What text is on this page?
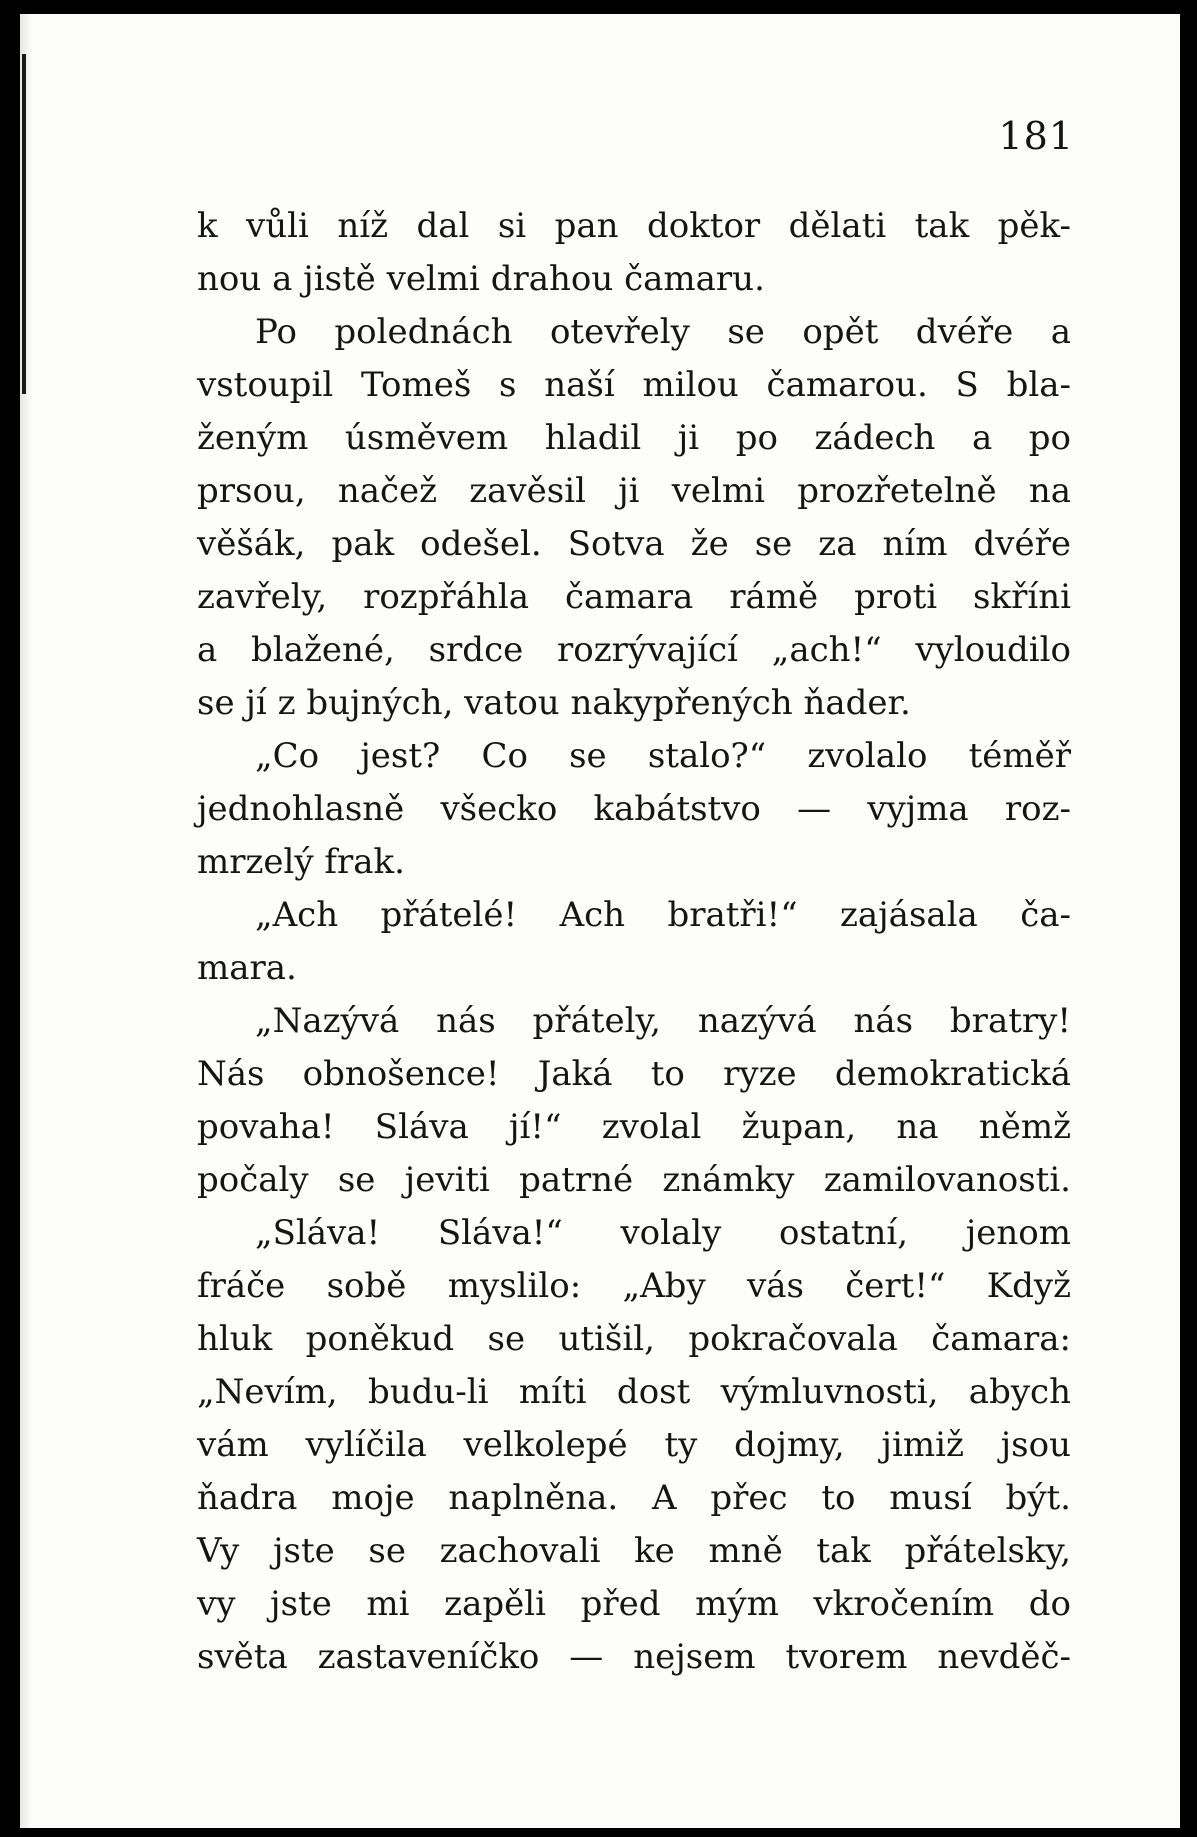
181
k vůli níž dal si pan doktor dělati tak pěk-
nou a jistě velmi drahou čamaru.
Po polednách otevřely se opět dvéře a
vstoupil Tomeš s naší milou čamarou. S bla-
ženým úsměvem hladil ji po zádech a po
prsou, načež zavěsil ji velmi prozřetelně na
věšák, pak odešel. Sotva že se za ním dvéře
zavřely, rozpřáhla čamara rámě proti skříni
a blažené, srdce rozrývající „ach!“ vyloudilo
se jí z bujných, vatou nakypřených ňader.
„Co jest? Co se stalo?“ zvolalo téměř
jednohlasně všecko kabátstvo — vyjma roz-
mrzelý frak.
„Ach přátelé! Ach bratři!“ zajásala ča-
mara.
„Nazývá nás přátely, nazývá nás bratry!
Nás obnošence! Jaká to ryze demokratická
povaha! Sláva jí!“ zvolal župan, na němž
počaly se jeviti patrné známky zamilovanosti.
„Sláva! Sláva!“ volaly ostatní, jenom
fráče sobě myslilo: „Aby vás čert!“ Když
hluk poněkud se utišil, pokračovala čamara:
„Nevím, budu-li míti dost výmluvnosti, abych
vám vylíčila velkolepé ty dojmy, jimiž jsou
ňadra moje naplněna. A přec to musí být.
Vy jste se zachovali ke mně tak přátelsky,
vy jste mi zapěli před mým vkročením do
světa zastaveníčko — nejsem tvorem nevděč-
